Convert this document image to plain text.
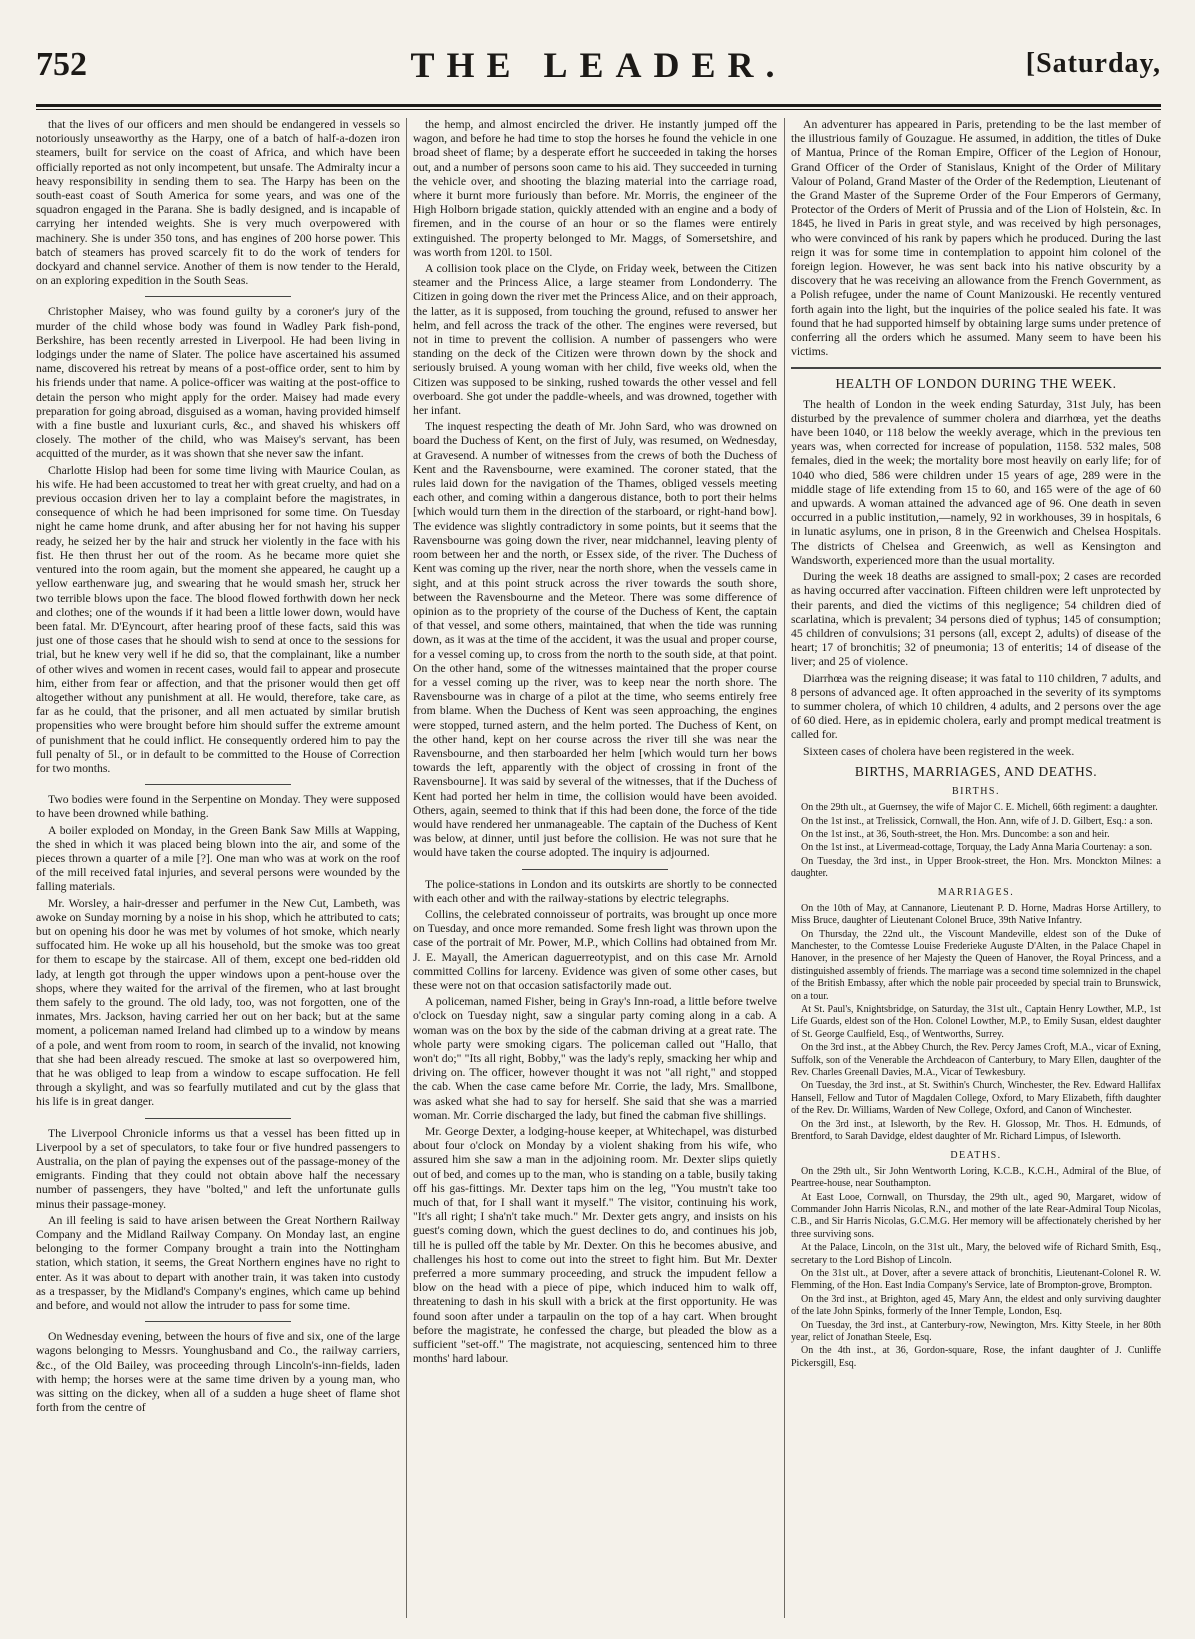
752	THE LEADER.	[Saturday,

that the lives of our officers and men should be endangered in vessels so notoriously unseaworthy as the Harpy, one of a batch of half-a-dozen iron steamers, built for service on the coast of Africa, and which have been officially reported as not only incompetent, but unsafe. The Admiralty incur a heavy responsibility in sending them to sea. The Harpy has been on the south-east coast of South America for some years, and was one of the squadron engaged in the Parana. She is badly designed, and is incapable of carrying her intended weights. She is very much overpowered with machinery. She is under 350 tons, and has engines of 200 horse power. This batch of steamers has proved scarcely fit to do the work of tenders for dockyard and channel service. Another of them is now tender to the Herald, on an exploring expedition in the South Seas.

Christopher Maisey, who was found guilty by a coroner's jury of the murder of the child whose body was found in Wadley Park fish-pond, Berkshire, has been recently arrested in Liverpool. He had been living in lodgings under the name of Slater. The police have ascertained his assumed name, discovered his retreat by means of a post-office order, sent to him by his friends under that name. A police-officer was waiting at the post-office to detain the person who might apply for the order. Maisey had made every preparation for going abroad, disguised as a woman, having provided himself with a fine bustle and luxuriant curls, &c., and shaved his whiskers off closely. The mother of the child, who was Maisey's servant, has been acquitted of the murder, as it was shown that she never saw the infant.

Charlotte Hislop had been for some time living with Maurice Coulan, as his wife. He had been accustomed to treat her with great cruelty, and had on a previous occasion driven her to lay a complaint before the magistrates, in consequence of which he had been imprisoned for some time. On Tuesday night he came home drunk, and after abusing her for not having his supper ready, he seized her by the hair and struck her violently in the face with his fist. He then thrust her out of the room. As he became more quiet she ventured into the room again, but the moment she appeared, he caught up a yellow earthenware jug, and swearing that he would smash her, struck her two terrible blows upon the face. The blood flowed forthwith down her neck and clothes; one of the wounds if it had been a little lower down, would have been fatal. Mr. D'Eyncourt, after hearing proof of these facts, said this was just one of those cases that he should wish to send at once to the sessions for trial, but he knew very well if he did so, that the complainant, like a number of other wives and women in recent cases, would fail to appear and prosecute him, either from fear or affection, and that the prisoner would then get off altogether without any punishment at all. He would, therefore, take care, as far as he could, that the prisoner, and all men actuated by similar brutish propensities who were brought before him should suffer the extreme amount of punishment that he could inflict. He consequently ordered him to pay the full penalty of 5l., or in default to be committed to the House of Correction for two months.

Two bodies were found in the Serpentine on Monday. They were supposed to have been drowned while bathing.

A boiler exploded on Monday, in the Green Bank Saw Mills at Wapping, the shed in which it was placed being blown into the air, and some of the pieces thrown a quarter of a mile [?]. One man who was at work on the roof of the mill received fatal injuries, and several persons were wounded by the falling materials.

Mr. Worsley, a hair-dresser and perfumer in the New Cut, Lambeth, was awoke on Sunday morning by a noise in his shop, which he attributed to cats; but on opening his door he was met by volumes of hot smoke, which nearly suffocated him. He woke up all his household, but the smoke was too great for them to escape by the staircase. All of them, except one bed-ridden old lady, at length got through the upper windows upon a pent-house over the shops, where they waited for the arrival of the firemen, who at last brought them safely to the ground. The old lady, too, was not forgotten, one of the inmates, Mrs. Jackson, having carried her out on her back; but at the same moment, a policeman named Ireland had climbed up to a window by means of a pole, and went from room to room, in search of the invalid, not knowing that she had been already rescued. The smoke at last so overpowered him, that he was obliged to leap from a window to escape suffocation. He fell through a skylight, and was so fearfully mutilated and cut by the glass that his life is in great danger.

The Liverpool Chronicle informs us that a vessel has been fitted up in Liverpool by a set of speculators, to take four or five hundred passengers to Australia, on the plan of paying the expenses out of the passage-money of the emigrants. Finding that they could not obtain above half the necessary number of passengers, they have "bolted," and left the unfortunate gulls minus their passage-money.

An ill feeling is said to have arisen between the Great Northern Railway Company and the Midland Railway Company. On Monday last, an engine belonging to the former Company brought a train into the Nottingham station, which station, it seems, the Great Northern engines have no right to enter. As it was about to depart with another train, it was taken into custody as a trespasser, by the Midland's Company's engines, which came up behind and before, and would not allow the intruder to pass for some time.

On Wednesday evening, between the hours of five and six, one of the large wagons belonging to Messrs. Younghusband and Co., the railway carriers, &c., of the Old Bailey, was proceeding through Lincoln's-inn-fields, laden with hemp; the horses were at the same time driven by a young man, who was sitting on the dickey, when all of a sudden a huge sheet of flame shot forth from the centre of

the hemp, and almost encircled the driver. He instantly jumped off the wagon, and before he had time to stop the horses he found the vehicle in one broad sheet of flame; by a desperate effort he succeeded in taking the horses out, and a number of persons soon came to his aid. They succeeded in turning the vehicle over, and shooting the blazing material into the carriage road, where it burnt more furiously than before. Mr. Morris, the engineer of the High Holborn brigade station, quickly attended with an engine and a body of firemen, and in the course of an hour or so the flames were entirely extinguished. The property belonged to Mr. Maggs, of Somersetshire, and was worth from 120l. to 150l.

A collision took place on the Clyde, on Friday week, between the Citizen steamer and the Princess Alice, a large steamer from Londonderry. The Citizen in going down the river met the Princess Alice, and on their approach, the latter, as it is supposed, from touching the ground, refused to answer her helm, and fell across the track of the other. The engines were reversed, but not in time to prevent the collision. A number of passengers who were standing on the deck of the Citizen were thrown down by the shock and seriously bruised. A young woman with her child, five weeks old, when the Citizen was supposed to be sinking, rushed towards the other vessel and fell overboard. She got under the paddle-wheels, and was drowned, together with her infant.

The inquest respecting the death of Mr. John Sard, who was drowned on board the Duchess of Kent, on the first of July, was resumed, on Wednesday, at Gravesend. A number of witnesses from the crews of both the Duchess of Kent and the Ravensbourne, were examined. The coroner stated, that the rules laid down for the navigation of the Thames, obliged vessels meeting each other, and coming within a dangerous distance, both to port their helms [which would turn them in the direction of the starboard, or right-hand bow]. The evidence was slightly contradictory in some points, but it seems that the Ravensbourne was going down the river, near midchannel, leaving plenty of room between her and the north, or Essex side, of the river. The Duchess of Kent was coming up the river, near the north shore, when the vessels came in sight, and at this point struck across the river towards the south shore, between the Ravensbourne and the Meteor. There was some difference of opinion as to the propriety of the course of the Duchess of Kent, the captain of that vessel, and some others, maintained, that when the tide was running down, as it was at the time of the accident, it was the usual and proper course, for a vessel coming up, to cross from the north to the south side, at that point. On the other hand, some of the witnesses maintained that the proper course for a vessel coming up the river, was to keep near the north shore. The Ravensbourne was in charge of a pilot at the time, who seems entirely free from blame. When the Duchess of Kent was seen approaching, the engines were stopped, turned astern, and the helm ported. The Duchess of Kent, on the other hand, kept on her course across the river till she was near the Ravensbourne, and then starboarded her helm [which would turn her bows towards the left, apparently with the object of crossing in front of the Ravensbourne]. It was said by several of the witnesses, that if the Duchess of Kent had ported her helm in time, the collision would have been avoided. Others, again, seemed to think that if this had been done, the force of the tide would have rendered her unmanageable. The captain of the Duchess of Kent was below, at dinner, until just before the collision. He was not sure that he would have taken the course adopted. The inquiry is adjourned.

The police-stations in London and its outskirts are shortly to be connected with each other and with the railway-stations by electric telegraphs.

Collins, the celebrated connoisseur of portraits, was brought up once more on Tuesday, and once more remanded. Some fresh light was thrown upon the case of the portrait of Mr. Power, M.P., which Collins had obtained from Mr. J. E. Mayall, the American daguerreotypist, and on this case Mr. Arnold committed Collins for larceny. Evidence was given of some other cases, but these were not on that occasion satisfactorily made out.

A policeman, named Fisher, being in Gray's Inn-road, a little before twelve o'clock on Tuesday night, saw a singular party coming along in a cab. A woman was on the box by the side of the cabman driving at a great rate. The whole party were smoking cigars. The policeman called out "Hallo, that won't do;" "Its all right, Bobby," was the lady's reply, smacking her whip and driving on. The officer, however thought it was not "all right," and stopped the cab. When the case came before Mr. Corrie, the lady, Mrs. Smallbone, was asked what she had to say for herself. She said that she was a married woman. Mr. Corrie discharged the lady, but fined the cabman five shillings.

Mr. George Dexter, a lodging-house keeper, at Whitechapel, was disturbed about four o'clock on Monday by a violent shaking from his wife, who assured him she saw a man in the adjoining room. Mr. Dexter slips quietly out of bed, and comes up to the man, who is standing on a table, busily taking off his gas-fittings. Mr. Dexter taps him on the leg, "You mustn't take too much of that, for I shall want it myself." The visitor, continuing his work, "It's all right; I sha'n't take much." Mr. Dexter gets angry, and insists on his guest's coming down, which the guest declines to do, and continues his job, till he is pulled off the table by Mr. Dexter. On this he becomes abusive, and challenges his host to come out into the street to fight him. But Mr. Dexter preferred a more summary proceeding, and struck the impudent fellow a blow on the head with a piece of pipe, which induced him to walk off, threatening to dash in his skull with a brick at the first opportunity. He was found soon after under a tarpaulin on the top of a hay cart. When brought before the magistrate, he confessed the charge, but pleaded the blow as a sufficient "set-off." The magistrate, not acquiescing, sentenced him to three months' hard labour.

An adventurer has appeared in Paris, pretending to be the last member of the illustrious family of Gouzague. He assumed, in addition, the titles of Duke of Mantua, Prince of the Roman Empire, Officer of the Legion of Honour, Grand Officer of the Order of Stanislaus, Knight of the Order of Military Valour of Poland, Grand Master of the Order of the Redemption, Lieutenant of the Grand Master of the Supreme Order of the Four Emperors of Germany, Protector of the Orders of Merit of Prussia and of the Lion of Holstein, &c. In 1845, he lived in Paris in great style, and was received by high personages, who were convinced of his rank by papers which he produced. During the last reign it was for some time in contemplation to appoint him colonel of the foreign legion. However, he was sent back into his native obscurity by a discovery that he was receiving an allowance from the French Government, as a Polish refugee, under the name of Count Manizouski. He recently ventured forth again into the light, but the inquiries of the police sealed his fate. It was found that he had supported himself by obtaining large sums under pretence of conferring all the orders which he assumed. Many seem to have been his victims.

HEALTH OF LONDON DURING THE WEEK.

The health of London in the week ending Saturday, 31st July, has been disturbed by the prevalence of summer cholera and diarrhœa, yet the deaths have been 1040, or 118 below the weekly average, which in the previous ten years was, when corrected for increase of population, 1158. 532 males, 508 females, died in the week; the mortality bore most heavily on early life; for of 1040 who died, 586 were children under 15 years of age, 289 were in the middle stage of life extending from 15 to 60, and 165 were of the age of 60 and upwards. A woman attained the advanced age of 96. One death in seven occurred in a public institution,—namely, 92 in workhouses, 39 in hospitals, 6 in lunatic asylums, one in prison, 8 in the Greenwich and Chelsea Hospitals. The districts of Chelsea and Greenwich, as well as Kensington and Wandsworth, experienced more than the usual mortality.

During the week 18 deaths are assigned to small-pox; 2 cases are recorded as having occurred after vaccination. Fifteen children were left unprotected by their parents, and died the victims of this negligence; 54 children died of scarlatina, which is prevalent; 34 persons died of typhus; 145 of consumption; 45 children of convulsions; 31 persons (all, except 2, adults) of disease of the heart; 17 of bronchitis; 32 of pneumonia; 13 of enteritis; 14 of disease of the liver; and 25 of violence.

Diarrhœa was the reigning disease; it was fatal to 110 children, 7 adults, and 8 persons of advanced age. It often approached in the severity of its symptoms to summer cholera, of which 10 children, 4 adults, and 2 persons over the age of 60 died. Here, as in epidemic cholera, early and prompt medical treatment is called for.

Sixteen cases of cholera have been registered in the week.

BIRTHS, MARRIAGES, AND DEATHS.
BIRTHS.

On the 29th ult., at Guernsey, the wife of Major C. E. Michell, 66th regiment: a daughter.

On the 1st inst., at Trelissick, Cornwall, the Hon. Ann, wife of J. D. Gilbert, Esq.: a son.

On the 1st inst., at 36, South-street, the Hon. Mrs. Duncombe: a son and heir.

On the 1st inst., at Livermead-cottage, Torquay, the Lady Anna Maria Courtenay: a son.

On Tuesday, the 3rd inst., in Upper Brook-street, the Hon. Mrs. Monckton Milnes: a daughter.

MARRIAGES.

On the 10th of May, at Cannanore, Lieutenant P. D. Horne, Madras Horse Artillery, to Miss Bruce, daughter of Lieutenant Colonel Bruce, 39th Native Infantry.

On Thursday, the 22nd ult., the Viscount Mandeville, eldest son of the Duke of Manchester, to the Comtesse Louise Frederieke Auguste D'Alten, in the Palace Chapel in Hanover, in the presence of her Majesty the Queen of Hanover, the Royal Princess, and a distinguished assembly of friends. The marriage was a second time solemnized in the chapel of the British Embassy, after which the noble pair proceeded by special train to Brunswick, on a tour.

At St. Paul's, Knightsbridge, on Saturday, the 31st ult., Captain Henry Lowther, M.P., 1st Life Guards, eldest son of the Hon. Colonel Lowther, M.P., to Emily Susan, eldest daughter of St. George Caulfield, Esq., of Wentworths, Surrey.

On the 3rd inst., at the Abbey Church, the Rev. Percy James Croft, M.A., vicar of Exning, Suffolk, son of the Venerable the Archdeacon of Canterbury, to Mary Ellen, daughter of the Rev. Charles Greenall Davies, M.A., Vicar of Tewkesbury.

On Tuesday, the 3rd inst., at St. Swithin's Church, Winchester, the Rev. Edward Hallifax Hansell, Fellow and Tutor of Magdalen College, Oxford, to Mary Elizabeth, fifth daughter of the Rev. Dr. Williams, Warden of New College, Oxford, and Canon of Winchester.

On the 3rd inst., at Isleworth, by the Rev. H. Glossop, Mr. Thos. H. Edmunds, of Brentford, to Sarah Davidge, eldest daughter of Mr. Richard Limpus, of Isleworth.

DEATHS.

On the 29th ult., Sir John Wentworth Loring, K.C.B., K.C.H., Admiral of the Blue, of Peartree-house, near Southampton.

At East Looe, Cornwall, on Thursday, the 29th ult., aged 90, Margaret, widow of Commander John Harris Nicolas, R.N., and mother of the late Rear-Admiral Toup Nicolas, C.B., and Sir Harris Nicolas, G.C.M.G. Her memory will be affectionately cherished by her three surviving sons.

At the Palace, Lincoln, on the 31st ult., Mary, the beloved wife of Richard Smith, Esq., secretary to the Lord Bishop of Lincoln.

On the 31st ult., at Dover, after a severe attack of bronchitis, Lieutenant-Colonel R. W. Flemming, of the Hon. East India Company's Service, late of Brompton-grove, Brompton.

On the 3rd inst., at Brighton, aged 45, Mary Ann, the eldest and only surviving daughter of the late John Spinks, formerly of the Inner Temple, London, Esq.

On Tuesday, the 3rd inst., at Canterbury-row, Newington, Mrs. Kitty Steele, in her 80th year, relict of Jonathan Steele, Esq.

On the 4th inst., at 36, Gordon-square, Rose, the infant daughter of J. Cunliffe Pickersgill, Esq.
